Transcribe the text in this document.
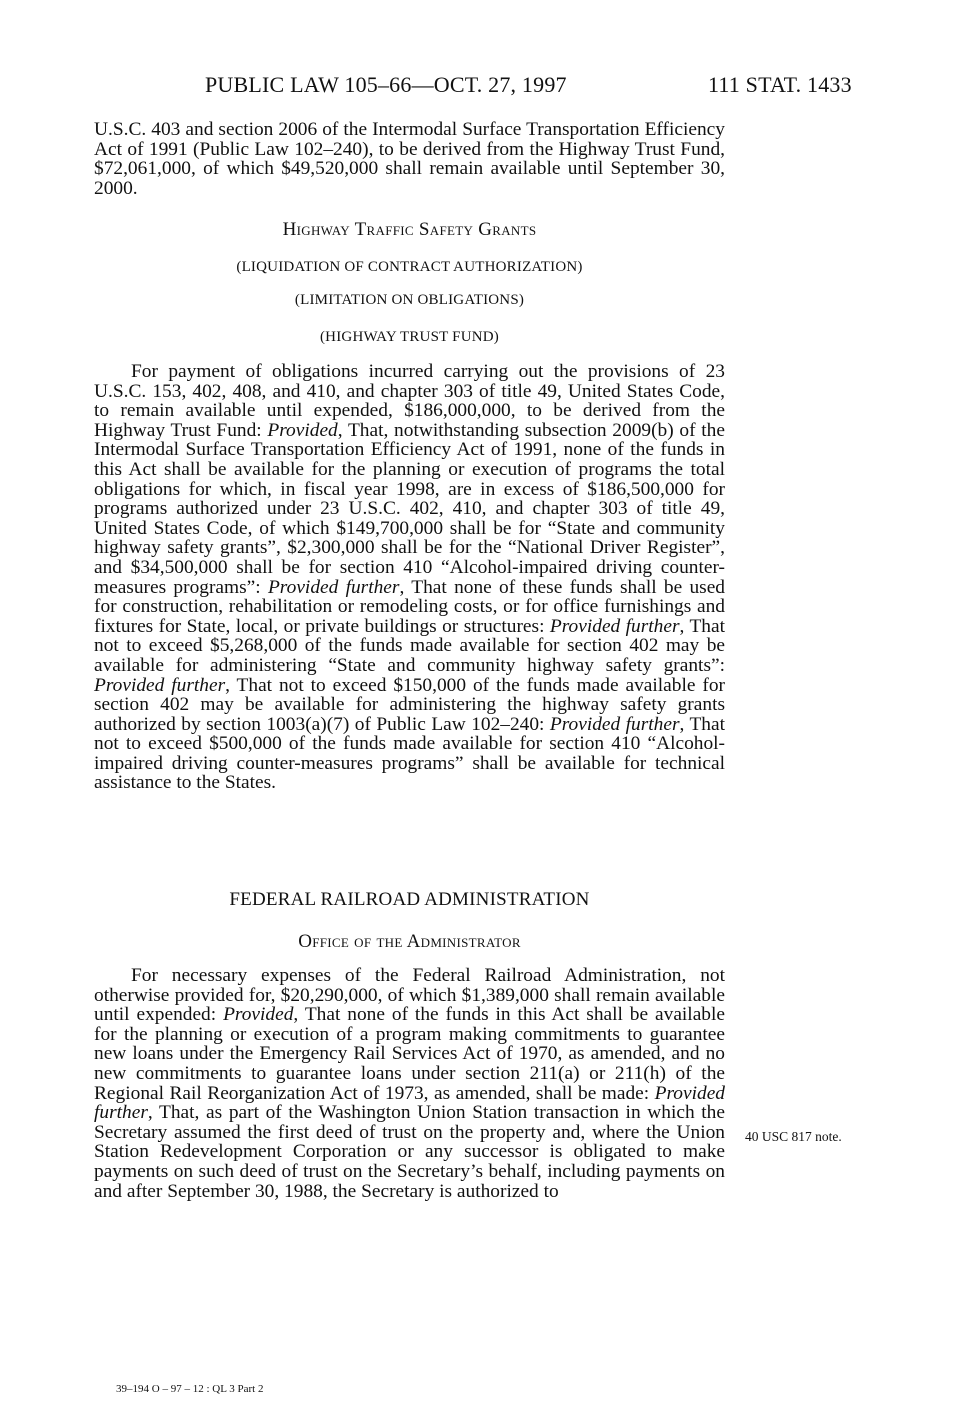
PUBLIC LAW 105–66—OCT. 27, 1997	111 STAT. 1433

U.S.C. 403 and section 2006 of the Intermodal Surface Transportation Efficiency Act of 1991 (Public Law 102–240), to be derived from the Highway Trust Fund, $72,061,000, of which $49,520,000 shall remain available until September 30, 2000.

Highway Traffic Safety Grants
(LIQUIDATION OF CONTRACT AUTHORIZATION)
(LIMITATION ON OBLIGATIONS)
(HIGHWAY TRUST FUND)

For payment of obligations incurred carrying out the provisions of 23 U.S.C. 153, 402, 408, and 410, and chapter 303 of title 49, United States Code, to remain available until expended, $186,000,000, to be derived from the Highway Trust Fund: Provided, That, notwithstanding subsection 2009(b) of the Intermodal Surface Transportation Efficiency Act of 1991, none of the funds in this Act shall be available for the planning or execution of programs the total obligations for which, in fiscal year 1998, are in excess of $186,500,000 for programs authorized under 23 U.S.C. 402, 410, and chapter 303 of title 49, United States Code, of which $149,700,000 shall be for “State and community highway safety grants”, $2,300,000 shall be for the “National Driver Register”, and $34,500,000 shall be for section 410 “Alcohol-impaired driving counter-measures programs”: Provided further, That none of these funds shall be used for construction, rehabilitation or remodeling costs, or for office furnishings and fixtures for State, local, or private buildings or structures: Provided further, That not to exceed $5,268,000 of the funds made available for section 402 may be available for administering “State and community highway safety grants”: Provided further, That not to exceed $150,000 of the funds made available for section 402 may be available for administering the highway safety grants authorized by section 1003(a)(7) of Public Law 102–240: Provided further, That not to exceed $500,000 of the funds made available for section 410 “Alcohol-impaired driving counter-measures programs” shall be available for technical assistance to the States.

FEDERAL RAILROAD ADMINISTRATION
Office of the Administrator

For necessary expenses of the Federal Railroad Administration, not otherwise provided for, $20,290,000, of which $1,389,000 shall remain available until expended: Provided, That none of the funds in this Act shall be available for the planning or execution of a program making commitments to guarantee new loans under the Emergency Rail Services Act of 1970, as amended, and no new commitments to guarantee loans under section 211(a) or 211(h) of the Regional Rail Reorganization Act of 1973, as amended, shall be made: Provided further, That, as part of the Washington Union Station transaction in which the Secretary assumed the first deed of trust on the property and, where the Union Station Redevelopment Corporation or any successor is obligated to make payments on such deed of trust on the Secretary’s behalf, including payments on and after September 30, 1988, the Secretary is authorized to

40 USC 817 note.
39–194 O – 97 – 12 : QL 3 Part 2
